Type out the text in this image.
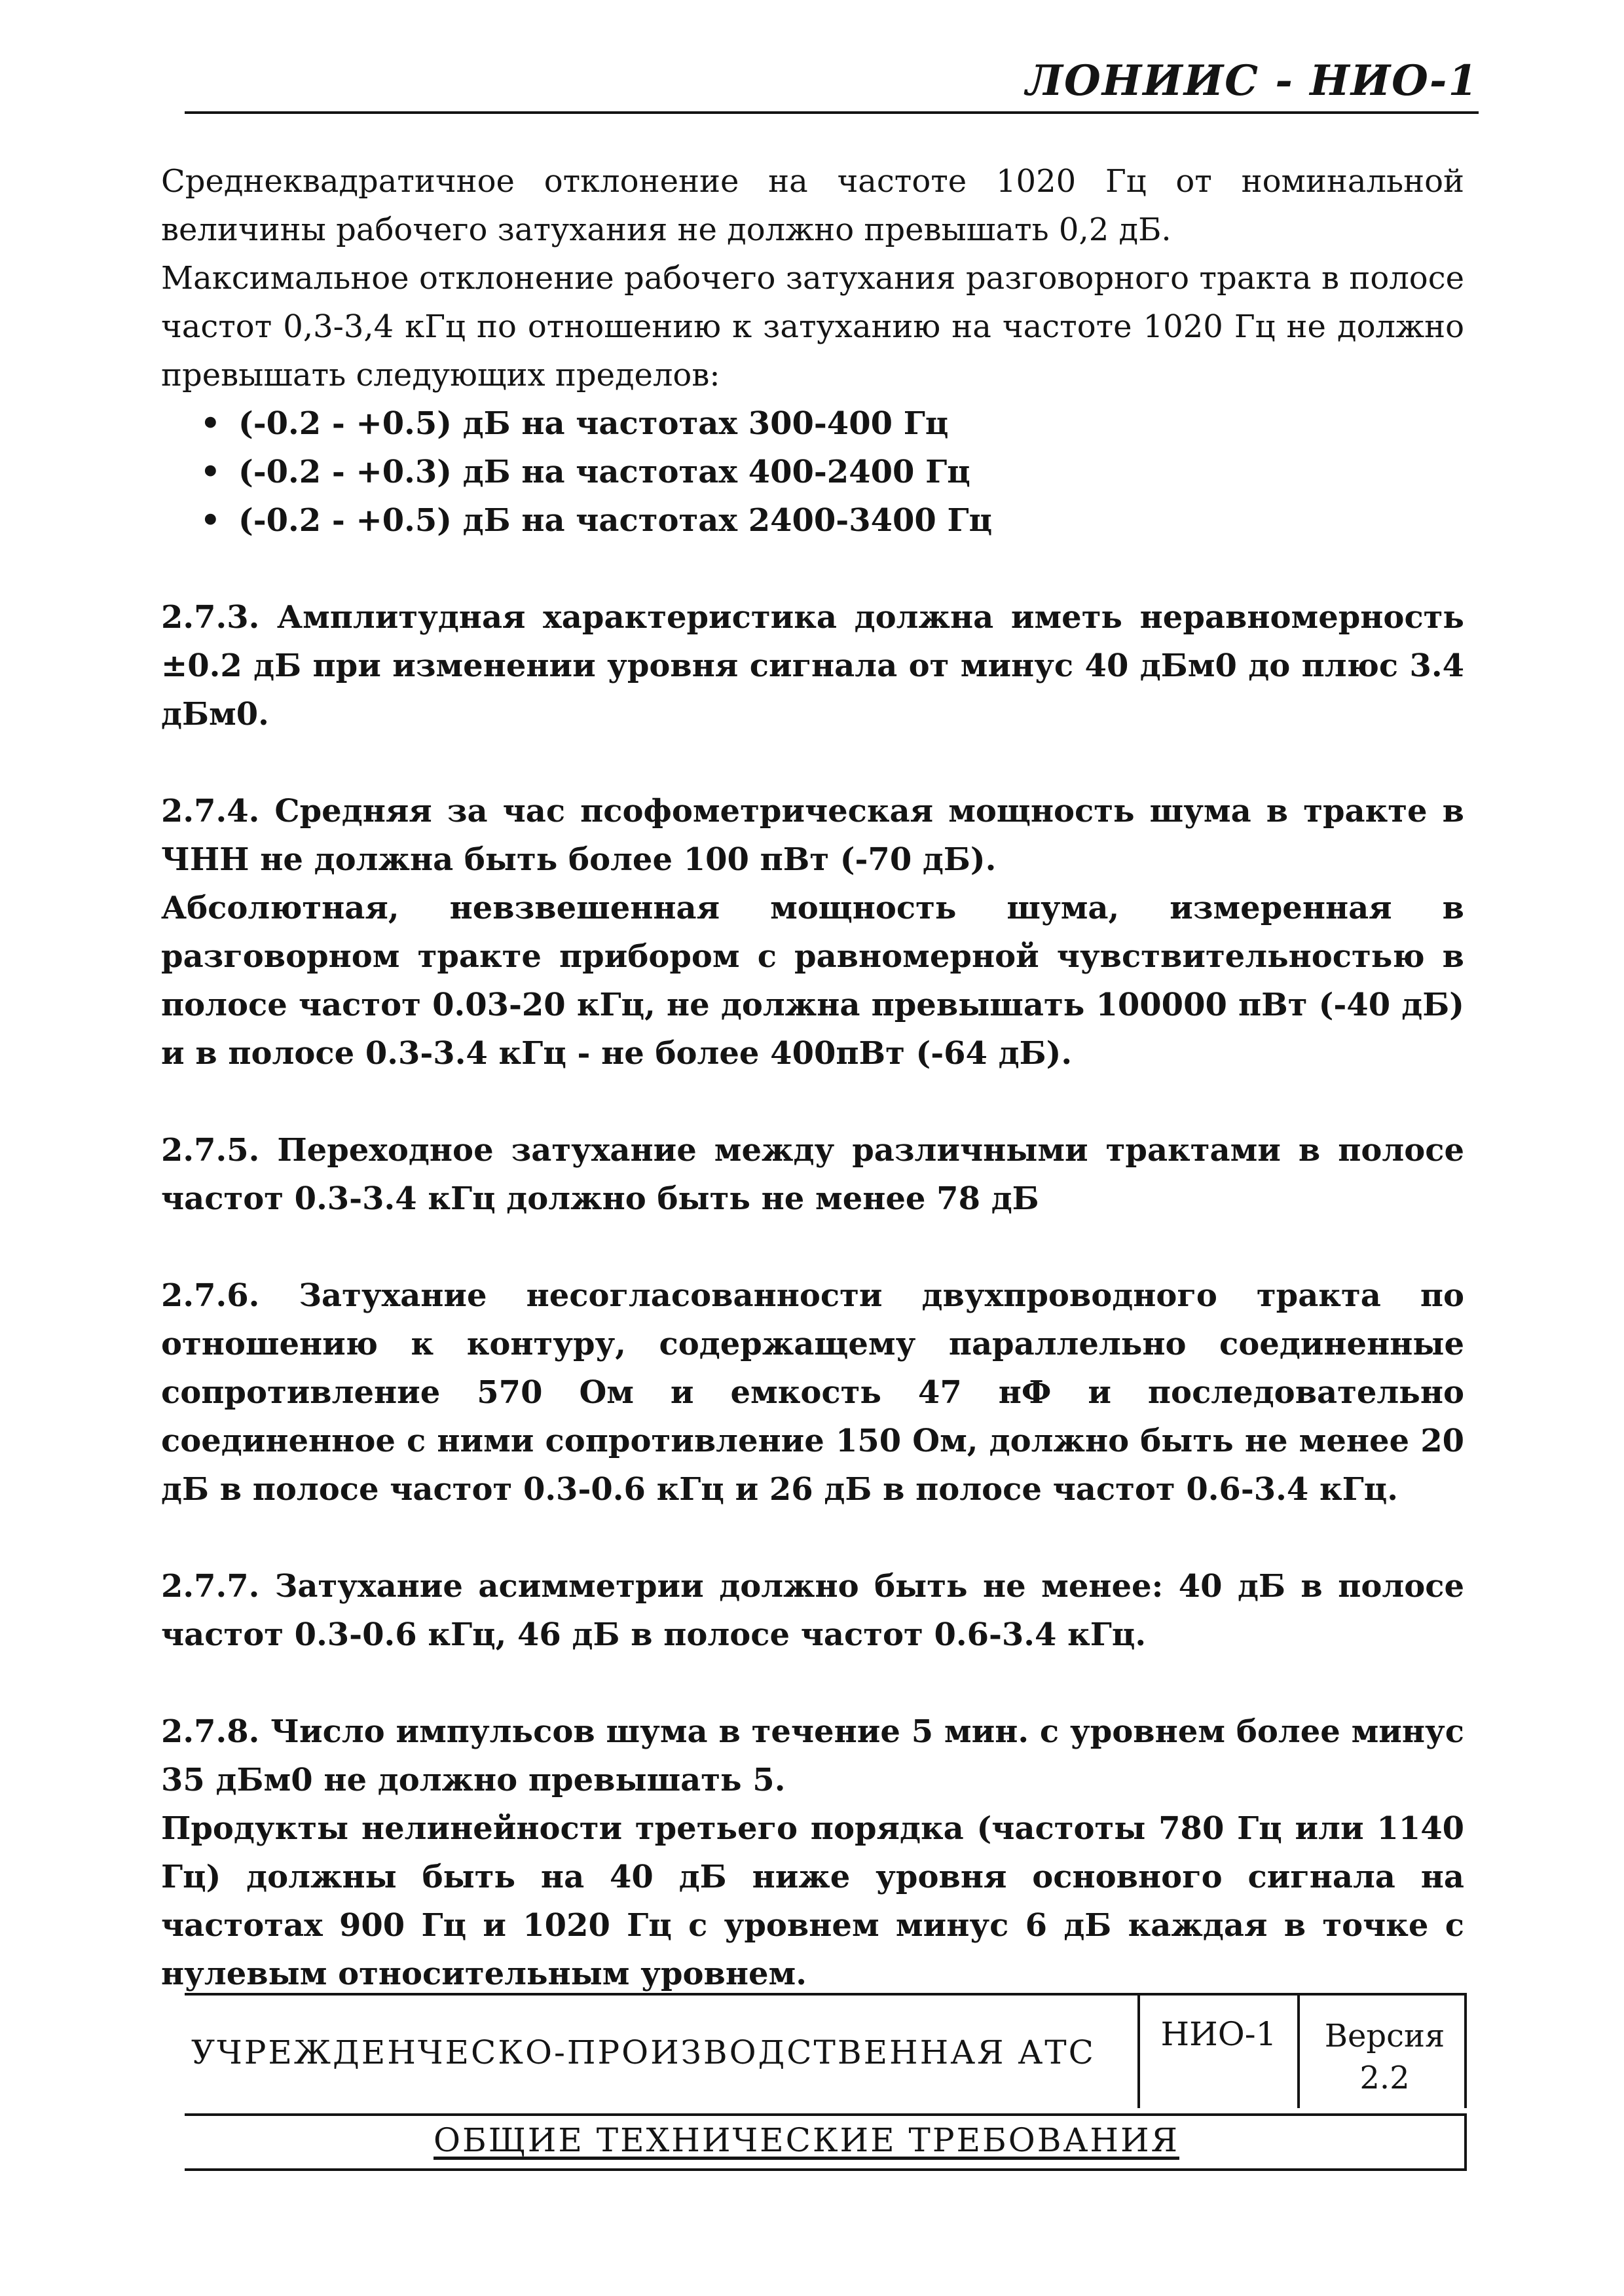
ЛОНИИС - НИО-1

Среднеквадратичное отклонение на частоте 1020 Гц от номинальной величины рабочего затухания не должно превышать 0,2 дБ.

Максимальное отклонение рабочего затухания разговорного тракта в полосе частот 0,3-3,4 кГц по отношению к затуханию на частоте 1020 Гц не должно превышать следующих пределов:

• (-0.2 - +0.5) дБ на частотах 300-400 Гц
• (-0.2 - +0.3) дБ на частотах 400-2400 Гц
• (-0.2 - +0.5) дБ на частотах 2400-3400 Гц

2.7.3. Амплитудная характеристика должна иметь неравномерность ±0.2 дБ при изменении уровня сигнала от минус 40 дБм0 до плюс 3.4 дБм0.

2.7.4. Средняя за час псофометрическая мощность шума в тракте в ЧНН не должна быть более 100 пВт (-70 дБ).

Абсолютная, невзвешенная мощность шума, измеренная в разговорном тракте прибором с равномерной чувствительностью в полосе частот 0.03-20 кГц, не должна превышать 100000 пВт (-40 дБ) и в полосе 0.3-3.4 кГц - не более 400пВт (-64 дБ).

2.7.5. Переходное затухание между различными трактами в полосе частот 0.3-3.4 кГц должно быть не менее 78 дБ

2.7.6. Затухание несогласованности двухпроводного тракта по отношению к контуру, содержащему параллельно соединенные сопротивление 570 Ом и емкость 47 нФ и последовательно соединенное с ними сопротивление 150 Ом, должно быть не менее 20 дБ в полосе частот 0.3-0.6 кГц и 26 дБ в полосе частот 0.6-3.4 кГц.

2.7.7. Затухание асимметрии должно быть не менее: 40 дБ в полосе частот 0.3-0.6 кГц, 46 дБ в полосе частот 0.6-3.4 кГц.

2.7.8. Число импульсов шума в течение 5 мин. с уровнем более минус 35 дБм0 не должно превышать 5.

Продукты нелинейности третьего порядка (частоты 780 Гц или 1140 Гц) должны быть на 40 дБ ниже уровня основного сигнала на частотах 900 Гц и 1020 Гц с уровнем минус 6 дБ каждая в точке с нулевым относительным уровнем.

УЧРЕЖДЕНЧЕСКО-ПРОИЗВОДСТВЕННАЯ АТС	НИО-1	Версия
2.2
ОБЩИЕ ТЕХНИЧЕСКИЕ ТРЕБОВАНИЯ
